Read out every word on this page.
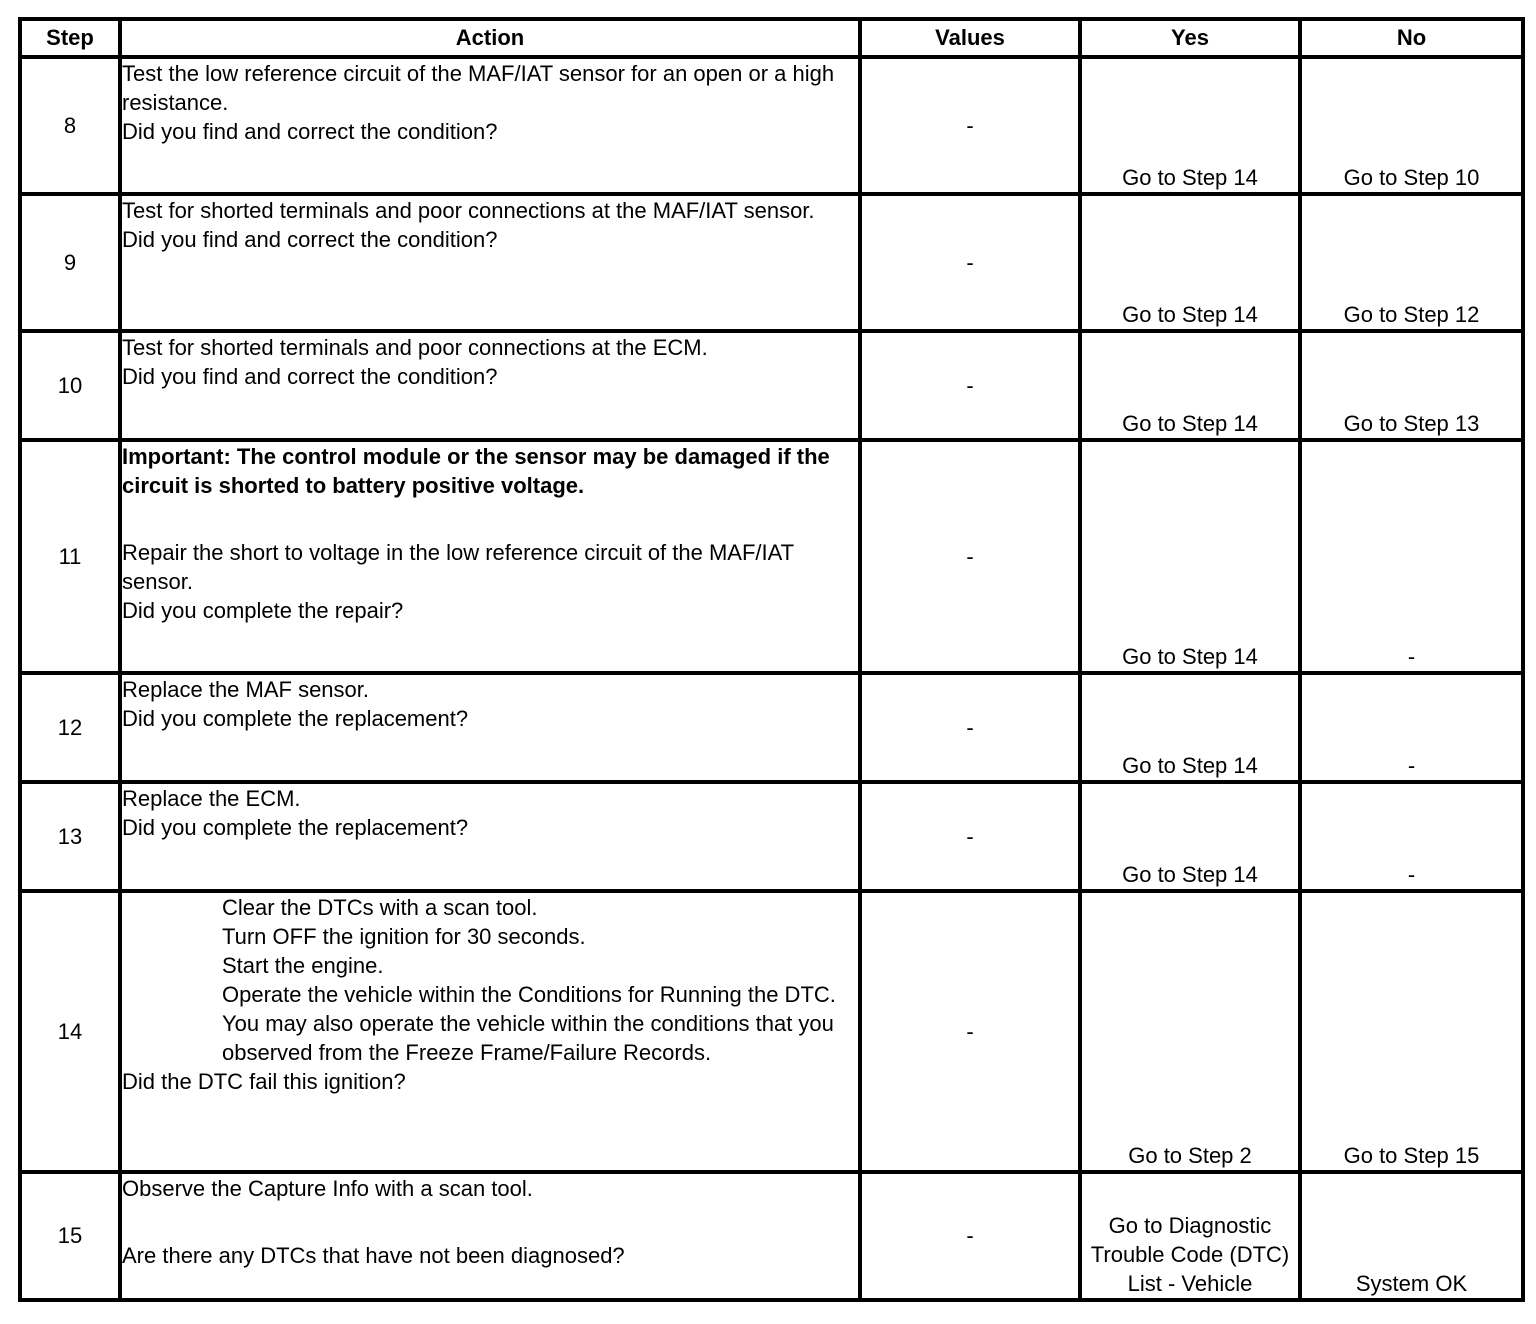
Step	Action	Values	Yes	No
8	Test the low reference circuit of the MAF/IAT sensor for an open or a high resistance.

Did you find and correct the condition?	-	Go to Step 14	Go to Step 10
9	Test for shorted terminals and poor connections at the MAF/IAT sensor.

Did you find and correct the condition?	-	Go to Step 14	Go to Step 12
10	Test for shorted terminals and poor connections at the ECM.

Did you find and correct the condition?	-	Go to Step 14	Go to Step 13
11	Important: The control module or the sensor may be damaged if the circuit is shorted to battery positive voltage.

Repair the short to voltage in the low reference circuit of the MAF/IAT sensor.

Did you complete the repair?	-	Go to Step 14	-
12	Replace the MAF sensor.

Did you complete the replacement?	-	Go to Step 14	-
13	Replace the ECM.

Did you complete the replacement?	-	Go to Step 14	-
14	Clear the DTCs with a scan tool.

Turn OFF the ignition for 30 seconds.

Start the engine.

Operate the vehicle within the Conditions for Running the DTC. You may also operate the vehicle within the conditions that you observed from the Freeze Frame/Failure Records.

Did the DTC fail this ignition?	-	Go to Step 2	Go to Step 15
15	Observe the Capture Info with a scan tool.

Are there any DTCs that have not been diagnosed?	-	Go to Diagnostic Trouble Code (DTC) List - Vehicle	System OK
